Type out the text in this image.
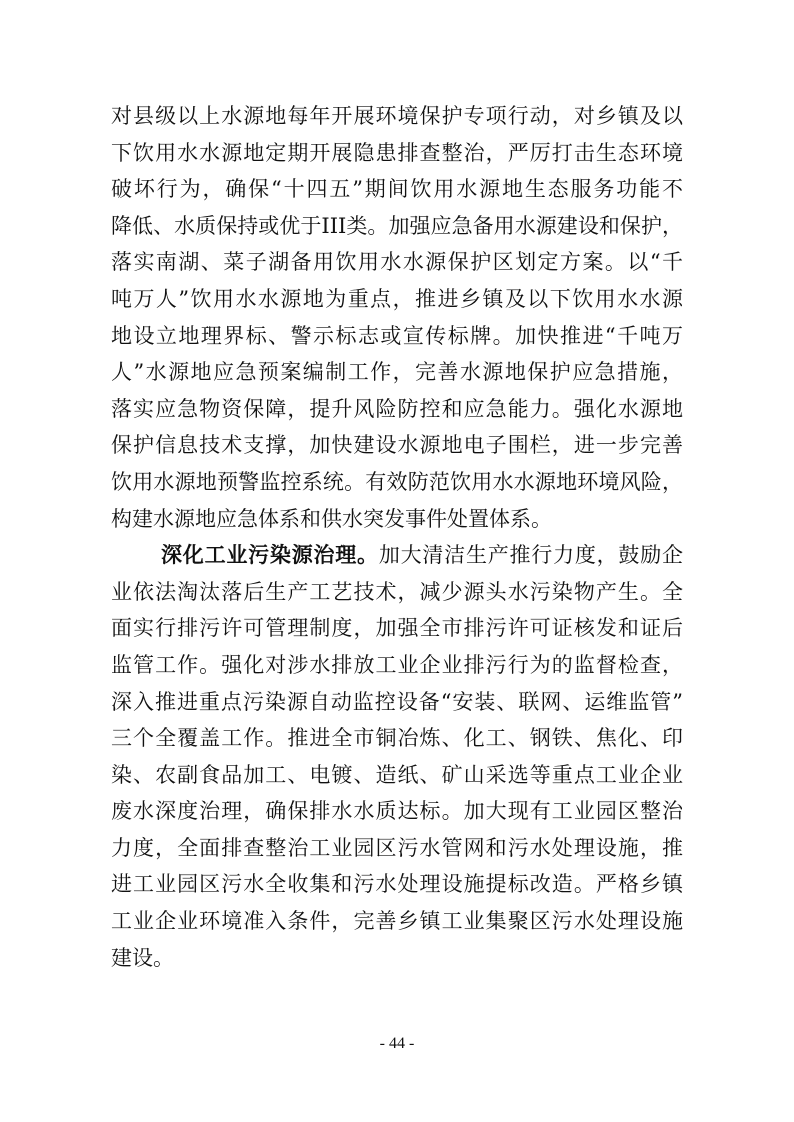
对县级以上水源地每年开展环境保护专项行动，对乡镇及以
下饮用水水源地定期开展隐患排查整治，严厉打击生态环境
破坏行为，确保“十四五”期间饮用水源地生态服务功能不
降低、水质保持或优于III类。加强应急备用水源建设和保护，
落实南湖、菜子湖备用饮用水水源保护区划定方案。以“千
吨万人”饮用水水源地为重点，推进乡镇及以下饮用水水源
地设立地理界标、警示标志或宣传标牌。加快推进“千吨万
人”水源地应急预案编制工作，完善水源地保护应急措施，
落实应急物资保障，提升风险防控和应急能力。强化水源地
保护信息技术支撑，加快建设水源地电子围栏，进一步完善
饮用水源地预警监控系统。有效防范饮用水水源地环境风险，
构建水源地应急体系和供水突发事件处置体系。
深化工业污染源治理。加大清洁生产推行力度，鼓励企
业依法淘汰落后生产工艺技术，减少源头水污染物产生。全
面实行排污许可管理制度，加强全市排污许可证核发和证后
监管工作。强化对涉水排放工业企业排污行为的监督检查，
深入推进重点污染源自动监控设备“安装、联网、运维监管”
三个全覆盖工作。推进全市铜冶炼、化工、钢铁、焦化、印
染、农副食品加工、电镀、造纸、矿山采选等重点工业企业
废水深度治理，确保排水水质达标。加大现有工业园区整治
力度，全面排查整治工业园区污水管网和污水处理设施，推
进工业园区污水全收集和污水处理设施提标改造。严格乡镇
工业企业环境准入条件，完善乡镇工业集聚区污水处理设施
建设。
- 44 -
